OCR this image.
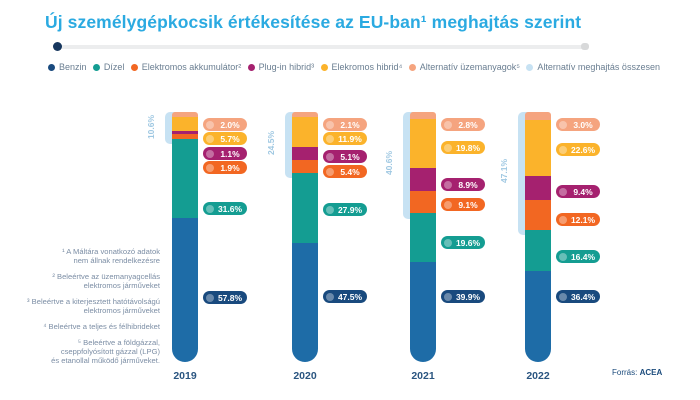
Új személygépkocsik értékesítése az EU-ban¹ meghajtás szerint
Benzin Dízel Elektromos akkumulátor² Plug-in hibrid³ Elekromos hibrid⁴ Alternatív üzemanyagok⁵ Alternatív meghajtás összesen
10.6%	2.0%
5.7%
1.1%
1.9%
31.6%
57.8%
2019
24.5%
2.1%
11.9%
5.1%
5.4%
27.9%
47.5%
2020
40.6%
2.8%
19.8%
8.9%
9.1%
19.6%
39.9%
2021
47.1%
3.0%
22.6%
9.4%
12.1%
16.4%
36.4%
2022
¹ A Máltára vonatkozó adatok
nem állnak rendelkezésre
² Beleértve az üzemanyagcellás
elektromos járműveket
³ Beleértve a kiterjesztett hatótávolságú
elektromos járműveket
⁴ Beleértve a teljes és félhibrideket
⁵ Beleértve a földgázzal,
cseppfolyósított gázzal (LPG)
és etanollal működő járműveket.
Forrás: ACEA
